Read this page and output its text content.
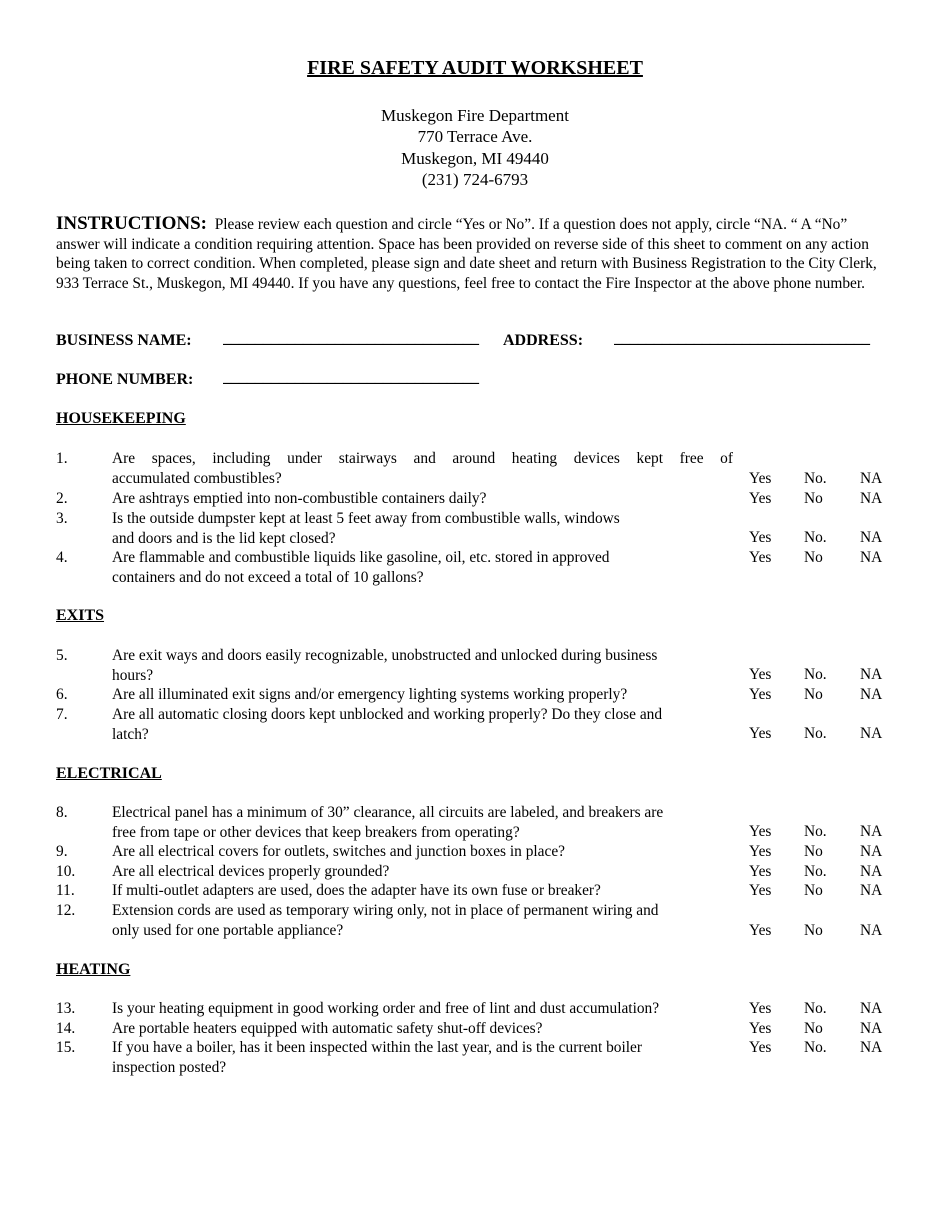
FIRE SAFETY AUDIT WORKSHEET
Muskegon Fire Department
770 Terrace Ave.
Muskegon, MI 49440
(231) 724-6793
INSTRUCTIONS: Please review each question and circle “Yes or No”. If a question does not apply, circle “NA. “ A “No” answer will indicate a condition requiring attention. Space has been provided on reverse side of this sheet to comment on any action being taken to correct condition. When completed, please sign and date sheet and return with Business Registration to the City Clerk, 933 Terrace St., Muskegon, MI 49440. If you have any questions, feel free to contact the Fire Inspector at the above phone number.
BUSINESS NAME: ________________________________	ADDRESS: ________________________________
PHONE NUMBER: ________________________________
HOUSEKEEPING
1.	Are spaces, including under stairways and around heating devices kept free of
accumulated combustibles?	Yes No. NA
2.	Are ashtrays emptied into non-combustible containers daily?	Yes No NA
3.	Is the outside dumpster kept at least 5 feet away from combustible walls, windows
and doors and is the lid kept closed?	Yes No. NA
4.	Are flammable and combustible liquids like gasoline, oil, etc. stored in approved
containers and do not exceed a total of 10 gallons?
Yes No NA
EXITS
5.	Are exit ways and doors easily recognizable, unobstructed and unlocked during business
hours?	Yes No. NA
6.	Are all illuminated exit signs and/or emergency lighting systems working properly?	Yes No NA
7.	Are all automatic closing doors kept unblocked and working properly? Do they close and
latch?	Yes No. NA
ELECTRICAL
8.	Electrical panel has a minimum of 30” clearance, all circuits are labeled, and breakers are
free from tape or other devices that keep breakers from operating?	Yes No. NA
9.	Are all electrical covers for outlets, switches and junction boxes in place?	Yes No NA
10. Are all electrical devices properly grounded?	Yes No. NA
11. If multi-outlet adapters are used, does the adapter have its own fuse or breaker?	Yes No NA
12. Extension cords are used as temporary wiring only, not in place of permanent wiring and
only used for one portable appliance?	Yes No NA
HEATING
13. Is your heating equipment in good working order and free of lint and dust accumulation?	Yes No. NA
14. Are portable heaters equipped with automatic safety shut-off devices?	Yes No NA
15. If you have a boiler, has it been inspected within the last year, and is the current boiler
inspection posted?
Yes No. NA
